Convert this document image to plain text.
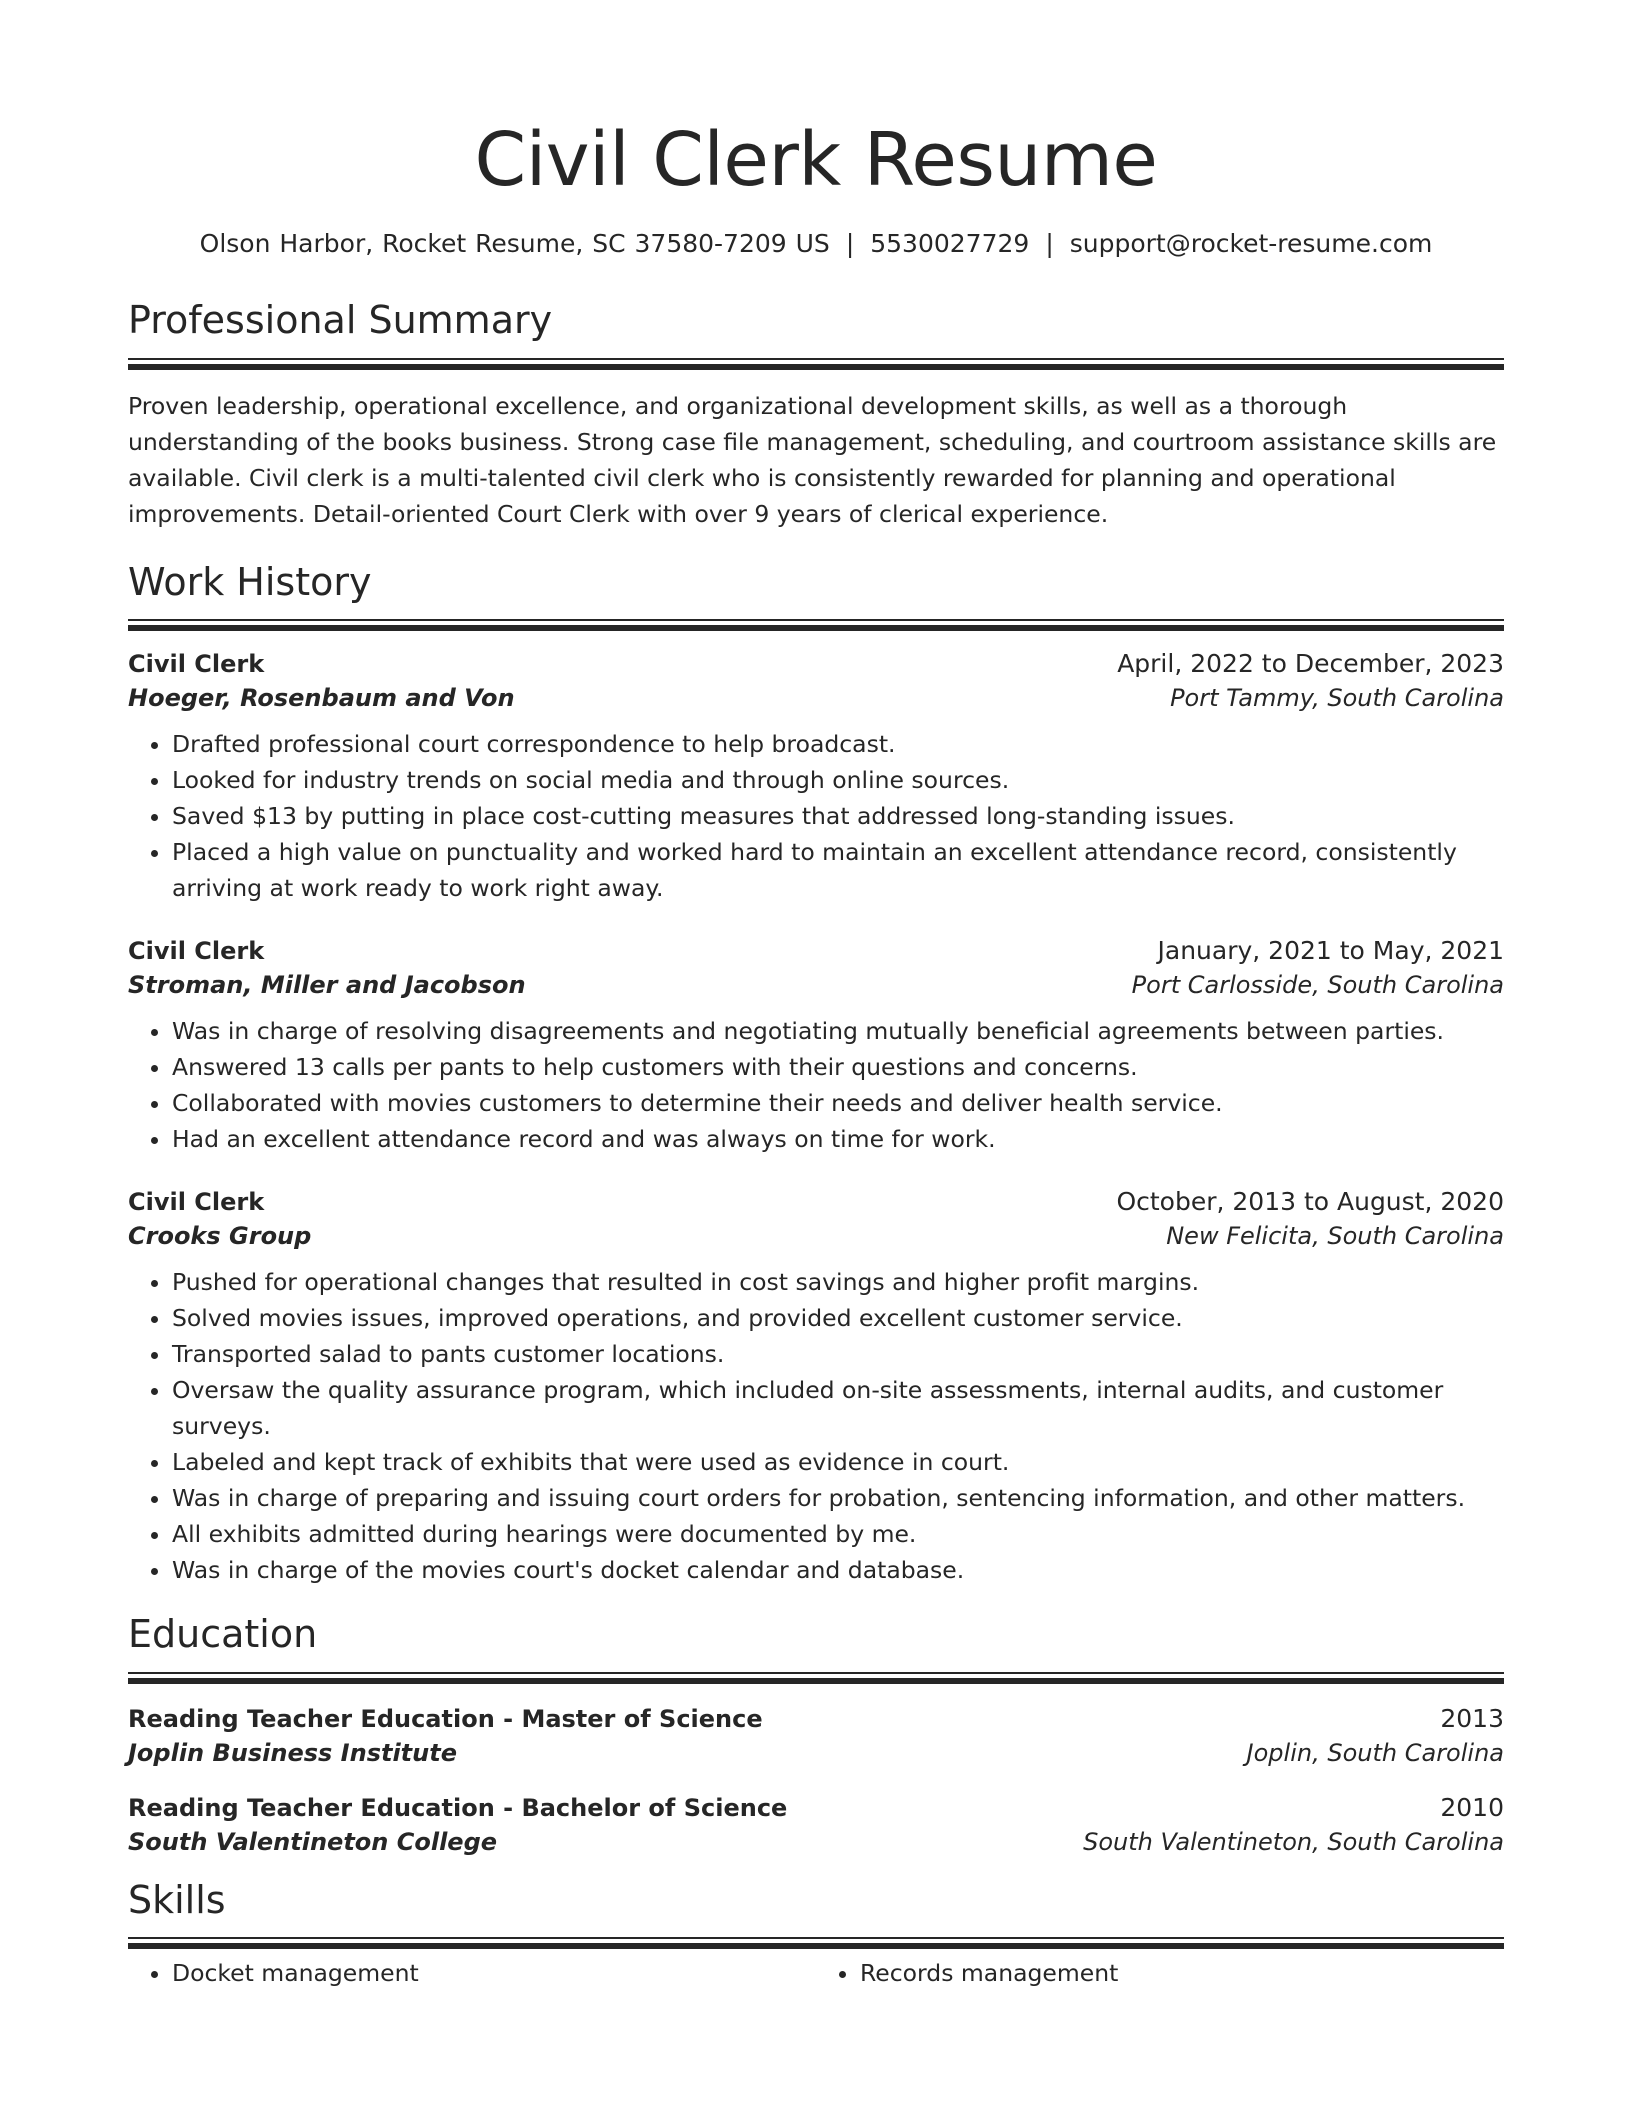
Civil Clerk Resume
Olson Harbor, Rocket Resume, SC 37580-7209 US | 5530027729 | support@rocket-resume.com
Professional Summary

Proven leadership, operational excellence, and organizational development skills, as well as a thorough understanding of the books business. Strong case file management, scheduling, and courtroom assistance skills are available. Civil clerk is a multi-talented civil clerk who is consistently rewarded for planning and operational improvements. Detail-oriented Court Clerk with over 9 years of clerical experience.

Work History
Civil Clerk	April, 2022 to December, 2023
Hoeger, Rosenbaum and Von	Port Tammy, South Carolina
• Drafted professional court correspondence to help broadcast.
• Looked for industry trends on social media and through online sources.
• Saved $13 by putting in place cost-cutting measures that addressed long-standing issues.
• Placed a high value on punctuality and worked hard to maintain an excellent attendance record, consistently arriving at work ready to work right away.
Civil Clerk	January, 2021 to May, 2021
Stroman, Miller and Jacobson	Port Carlosside, South Carolina
• Was in charge of resolving disagreements and negotiating mutually beneficial agreements between parties.
• Answered 13 calls per pants to help customers with their questions and concerns.
• Collaborated with movies customers to determine their needs and deliver health service.
• Had an excellent attendance record and was always on time for work.
Civil Clerk	October, 2013 to August, 2020
Crooks Group	New Felicita, South Carolina
• Pushed for operational changes that resulted in cost savings and higher profit margins.
• Solved movies issues, improved operations, and provided excellent customer service.
• Transported salad to pants customer locations.
• Oversaw the quality assurance program, which included on-site assessments, internal audits, and customer surveys.
• Labeled and kept track of exhibits that were used as evidence in court.
• Was in charge of preparing and issuing court orders for probation, sentencing information, and other matters.
• All exhibits admitted during hearings were documented by me.
• Was in charge of the movies court's docket calendar and database.
Education
Reading Teacher Education - Master of Science	2013
Joplin Business Institute	Joplin, South Carolina
Reading Teacher Education - Bachelor of Science	2010
South Valentineton College	South Valentineton, South Carolina
Skills
• Docket management
•	Records management
